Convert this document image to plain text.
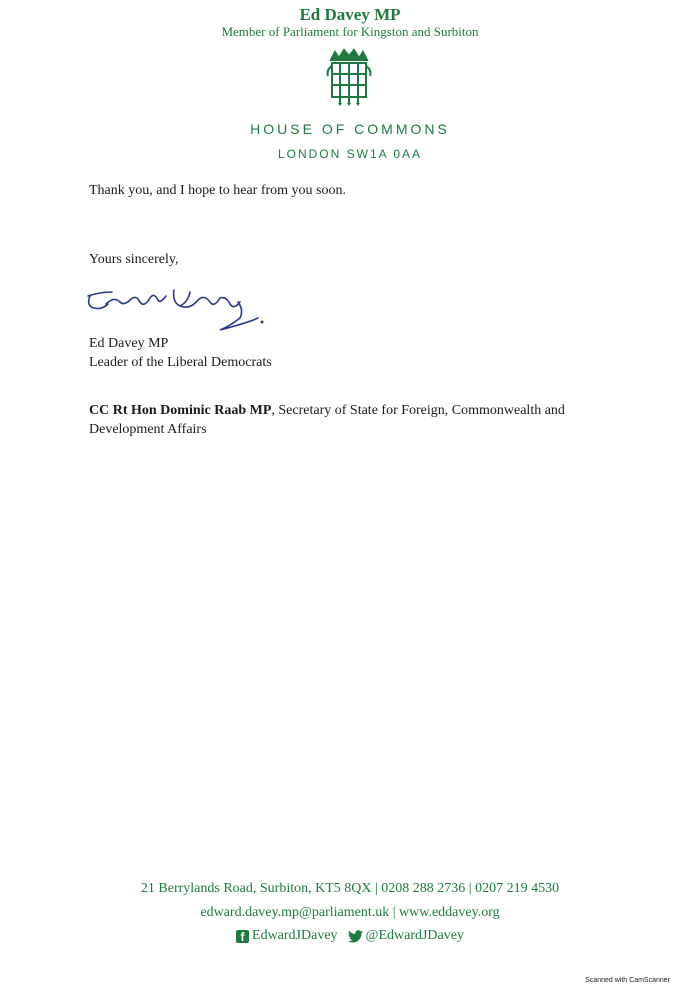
Ed Davey MP
Member of Parliament for Kingston and Surbiton
HOUSE OF COMMONS
LONDON SW1A 0AA
Thank you, and I hope to hear from you soon.
Yours sincerely,
Ed Davey MP
Leader of the Liberal Democrats
CC Rt Hon Dominic Raab MP, Secretary of State for Foreign, Commonwealth and Development Affairs
21 Berrylands Road, Surbiton, KT5 8QX | 0208 288 2736 | 0207 219 4530
edward.davey.mp@parliament.uk | www.eddavey.org
f EdwardJDavey @EdwardJDavey
Scanned with CamScanner
